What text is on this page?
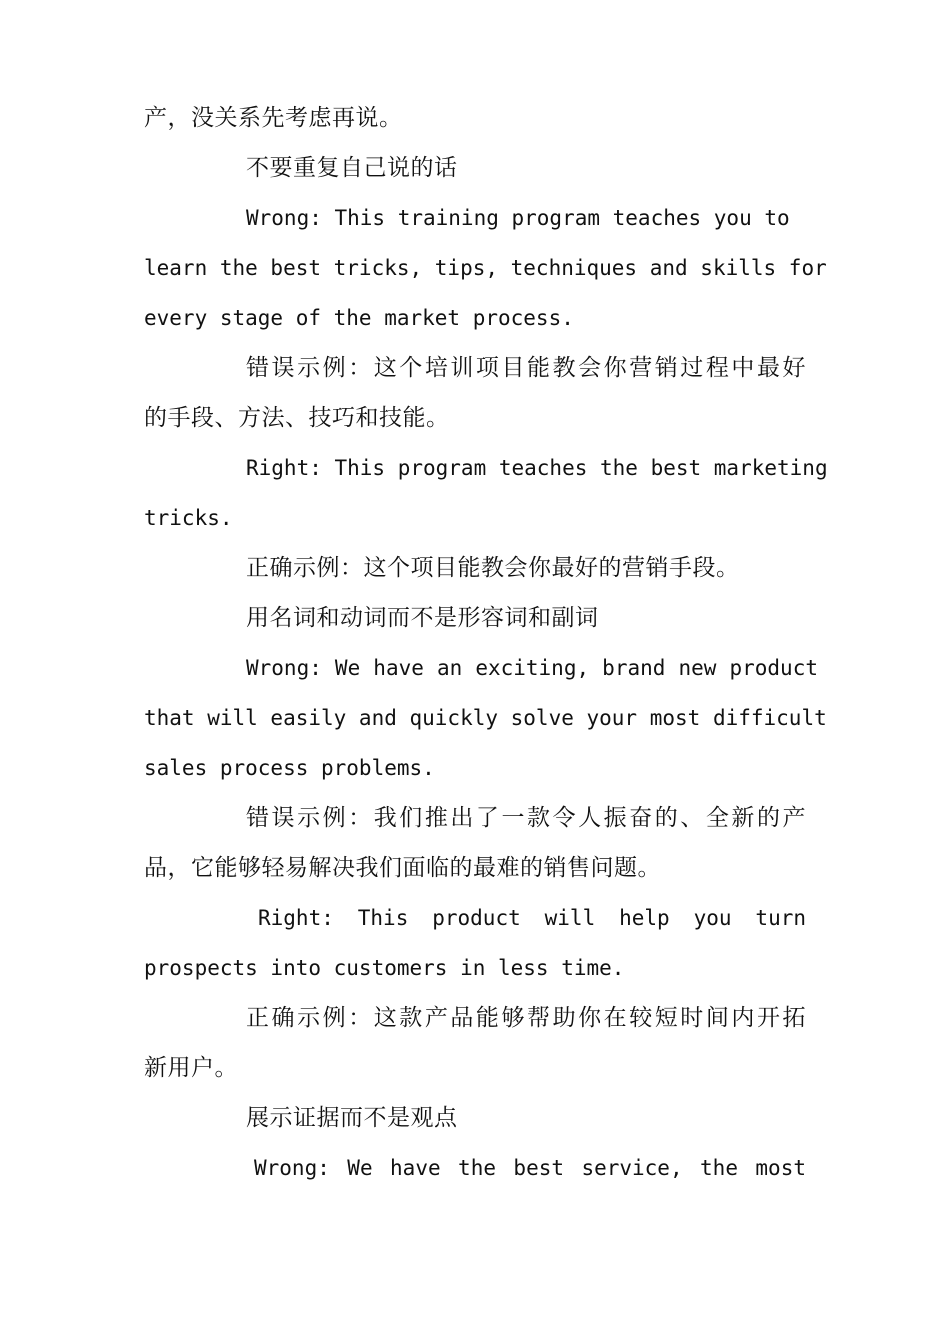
产，没关系先考虑再说。
不要重复自己说的话
Wrong: This training program teaches you to
learn the best tricks, tips, techniques and skills for
every stage of the market process.
错误示例：这个培训项目能教会你营销过程中最好
的手段、方法、技巧和技能。
Right: This program teaches the best marketing
tricks.
正确示例：这个项目能教会你最好的营销手段。
用名词和动词而不是形容词和副词
Wrong: We have an exciting, brand new product
that will easily and quickly solve your most difficult
sales process problems.
错误示例：我们推出了一款令人振奋的、全新的产
品，它能够轻易解决我们面临的最难的销售问题。
Right: This product will help you turn
prospects into customers in less time.
正确示例：这款产品能够帮助你在较短时间内开拓
新用户。
展示证据而不是观点
Wrong: We have the best service, the most
